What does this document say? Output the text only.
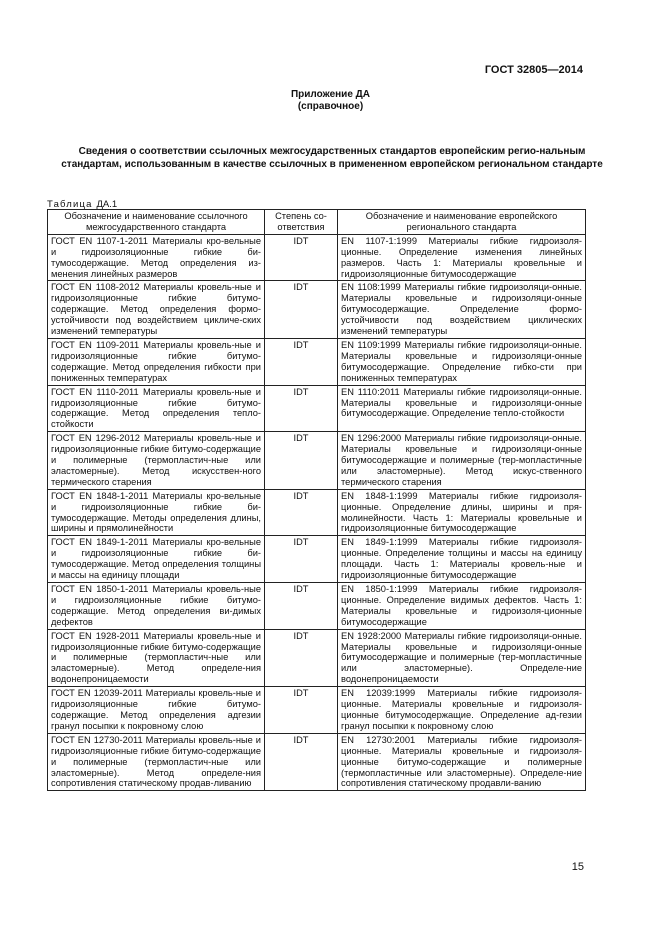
ГОСТ 32805—2014
Приложение ДА
(справочное)
Сведения о соответствии ссылочных межгосударственных стандартов европейским регио-нальным стандартам, использованным в качестве ссылочных в примененном европейском региональном стандарте
Таблица ДА.1
Обозначение и наименование ссылочного межгосударственного стандарта	Степень со-ответствия	Обозначение и наименование европейского регионального стандарта
ГОСТ EN 1107-1-2011 Материалы кро-вельные и гидроизоляционные гибкие би-тумосодержащие. Метод определения из-менения линейных размеров	IDT	EN 1107-1:1999 Материалы гибкие гидроизоля-ционные. Определение изменения линейных размеров. Часть 1: Материалы кровельные и гидроизоляционные битумосодержащие
ГОСТ EN 1108-2012 Материалы кровель-ные и гидроизоляционные гибкие битумо-содержащие. Метод определения формо-устойчивости под воздействием цикличе-ских изменений температуры	IDT	EN 1108:1999 Материалы гибкие гидроизоляци-онные. Материалы кровельные и гидроизоляци-онные битумосодержащие. Определение формо-устойчивости под воздействием циклических изменений температуры
ГОСТ EN 1109-2011 Материалы кровель-ные и гидроизоляционные гибкие битумо-содержащие. Метод определения гибкости при пониженных температурах	IDT	EN 1109:1999 Материалы гибкие гидроизоляци-онные. Материалы кровельные и гидроизоляци-онные битумосодержащие. Определение гибко-сти при пониженных температурах
ГОСТ EN 1110-2011 Материалы кровель-ные и гидроизоляционные гибкие битумо-содержащие. Метод определения тепло-стойкости	IDT	EN 1110:2011 Материалы гибкие гидроизоляци-онные. Материалы кровельные и гидроизоляци-онные битумосодержащие. Определение тепло-стойкости
ГОСТ EN 1296-2012 Материалы кровель-ные и гидроизоляционные гибкие битумо-содержащие и полимерные (термопластич-ные или эластомерные). Метод искусствен-ного термического старения	IDT	EN 1296:2000 Материалы гибкие гидроизоляци-онные. Материалы кровельные и гидроизоляци-онные битумосодержащие и полимерные (тер-мопластичные или эластомерные). Метод искус-ственного термического старения
ГОСТ EN 1848-1-2011 Материалы кро-вельные и гидроизоляционные гибкие би-тумосодержащие. Методы определения длины, ширины и прямолинейности	IDT	EN 1848-1:1999 Материалы гибкие гидроизоля-ционные. Определение длины, ширины и пря-молинейности. Часть 1: Материалы кровельные и гидроизоляционные битумосодержащие
ГОСТ EN 1849-1-2011 Материалы кро-вельные и гидроизоляционные гибкие би-тумосодержащие. Метод определения толщины и массы на единицу площади	IDT	EN 1849-1:1999 Материалы гибкие гидроизоля-ционные. Определение толщины и массы на единицу площади. Часть 1: Материалы кровель-ные и гидроизоляционные битумосодержащие
ГОСТ EN 1850-1-2011 Материалы кровель-ные и гидроизоляционные гибкие битумо-содержащие. Метод определения ви-димых дефектов	IDT	EN 1850-1:1999 Материалы гибкие гидроизоля-ционные. Определение видимых дефектов. Часть 1: Материалы кровельные и гидроизоля-ционные битумосодержащие
ГОСТ EN 1928-2011 Материалы кровель-ные и гидроизоляционные гибкие битумо-содержащие и полимерные (термопластич-ные или эластомерные). Метод определе-ния водонепроницаемости	IDT	EN 1928:2000 Материалы гибкие гидроизоляци-онные. Материалы кровельные и гидроизоляци-онные битумосодержащие и полимерные (тер-мопластичные или эластомерные). Определе-ние водонепроницаемости
ГОСТ EN 12039-2011 Материалы кровель-ные и гидроизоляционные гибкие битумо-содержащие. Метод определения адгезии гранул посыпки к покровному слою	IDT	EN 12039:1999 Материалы гибкие гидроизоля-ционные. Материалы кровельные и гидроизоля-ционные битумосодержащие. Определение ад-гезии гранул посыпки к покровному слою
ГОСТ EN 12730-2011 Материалы кровель-ные и гидроизоляционные гибкие битумо-содержащие и полимерные (термопластич-ные или эластомерные). Метод определе-ния сопротивления статическому продав-ливанию	IDT	EN 12730:2001 Материалы гибкие гидроизоля-ционные. Материалы кровельные и гидроизоля-ционные битумо-содержащие и полимерные (термопластичные или эластомерные). Определе-ние сопротивления статическому продавли-ванию
15
